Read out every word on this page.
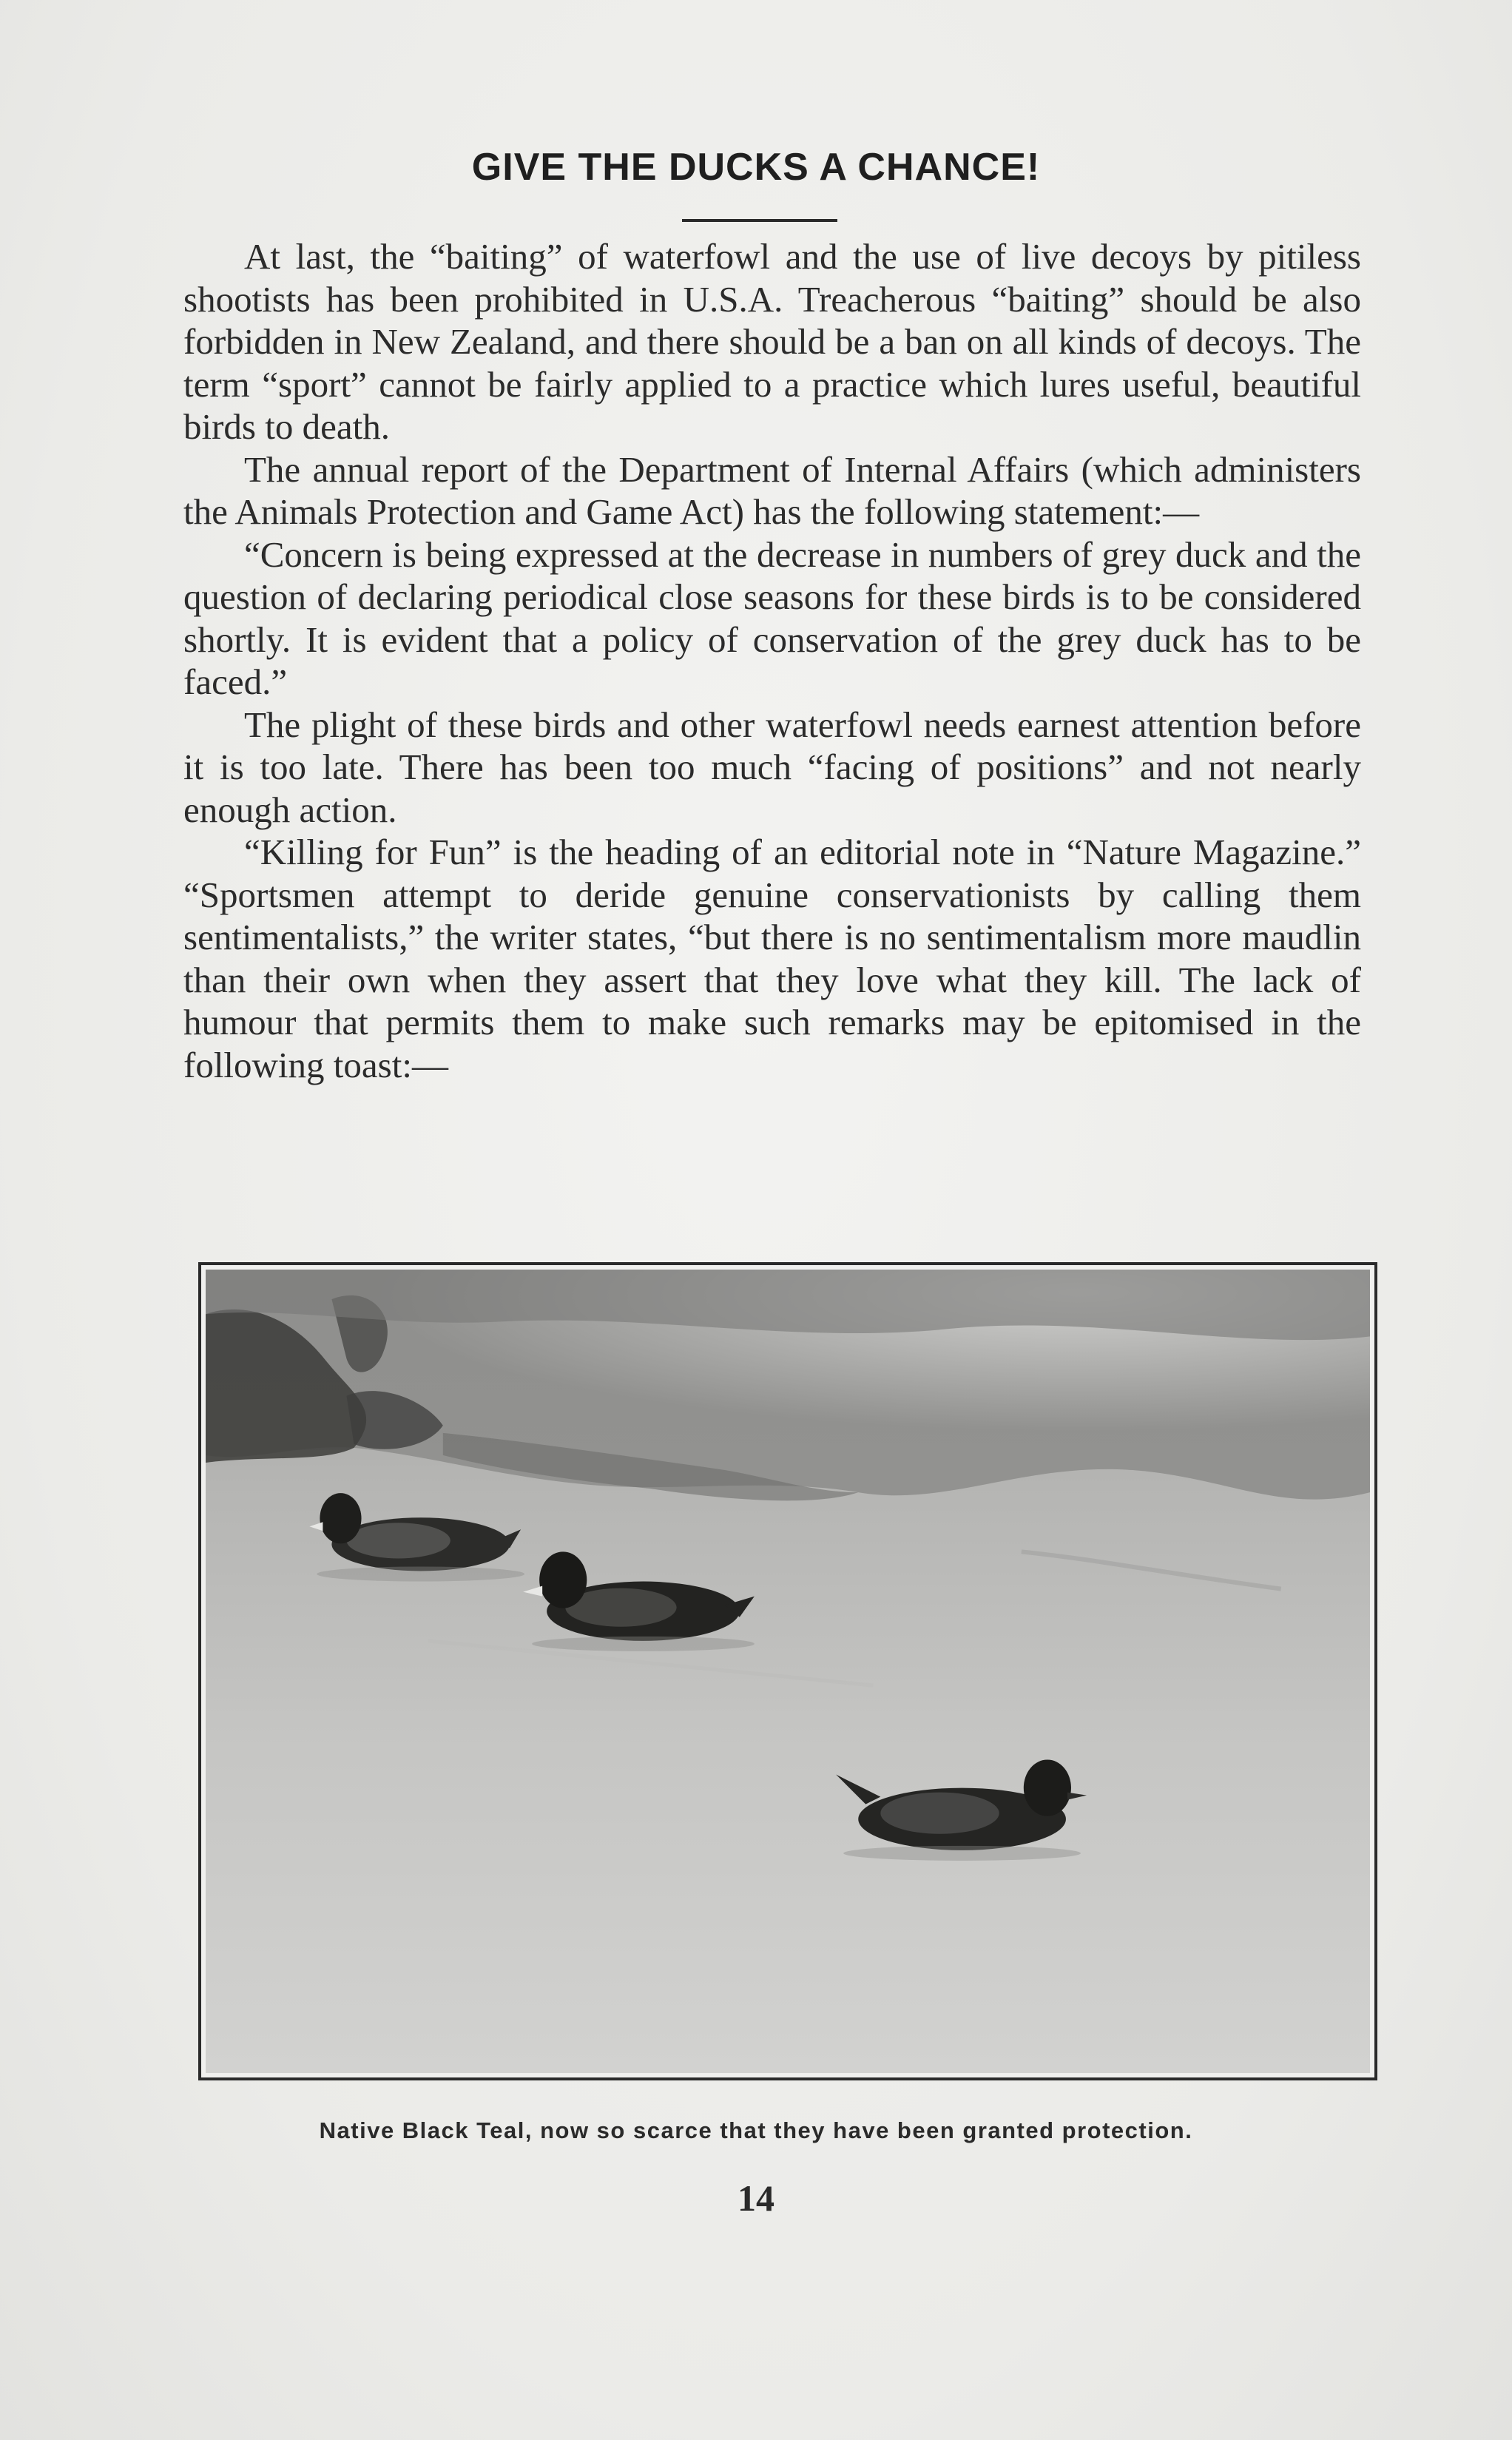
GIVE THE DUCKS A CHANCE!

At last, the “baiting” of waterfowl and the use of live decoys by pitiless shootists has been prohibited in U.S.A. Treacherous “baiting” should be also forbidden in New Zealand, and there should be a ban on all kinds of decoys. The term “sport” cannot be fairly applied to a practice which lures useful, beautiful birds to death.

The annual report of the Department of Internal Affairs (which administers the Animals Protection and Game Act) has the following statement:—

“Concern is being expressed at the decrease in numbers of grey duck and the question of declaring periodical close seasons for these birds is to be considered shortly. It is evident that a policy of conservation of the grey duck has to be faced.”

The plight of these birds and other waterfowl needs earnest attention before it is too late. There has been too much “facing of positions” and not nearly enough action.

“Killing for Fun” is the heading of an editorial note in “Nature Magazine.” “Sportsmen attempt to deride genuine conservationists by calling them sentimentalists,” the writer states, “but there is no sentimentalism more maudlin than their own when they assert that they love what they kill. The lack of humour that permits them to make such remarks may be epitomised in the following toast:—

Native Black Teal, now so scarce that they have been granted protection.
14
